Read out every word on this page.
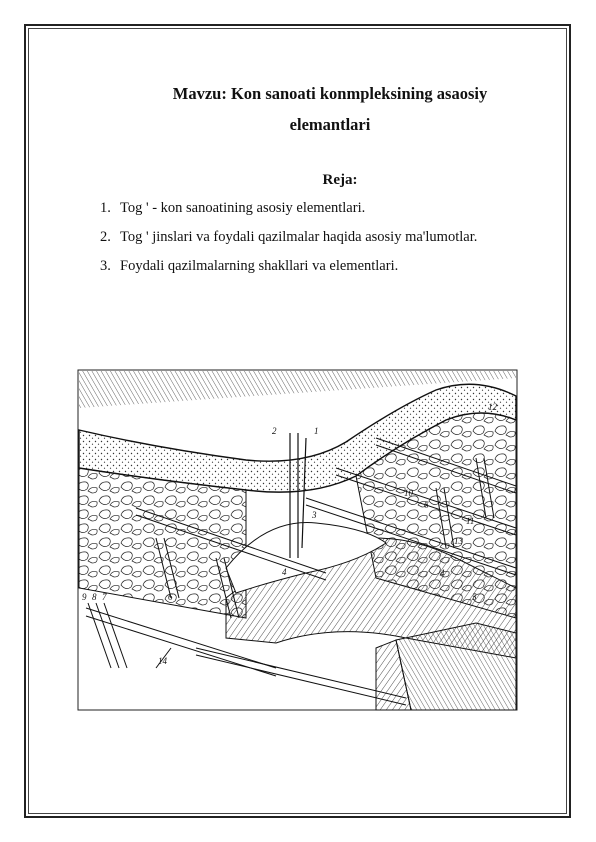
Mavzu: Kon sanoati konmpleksining asaosiy
elemantlari
Reja:
1. Tog ' - kon sanoatining asosiy elementlari.
2. Tog ' jinslari va foydali qazilmalar haqida asosiy ma'lumotlar.
3. Foydali qazilmalarning shakllari va elementlari.
2	1
3
4
9 8 7	6
14
10
6
11
13
4
5
12
